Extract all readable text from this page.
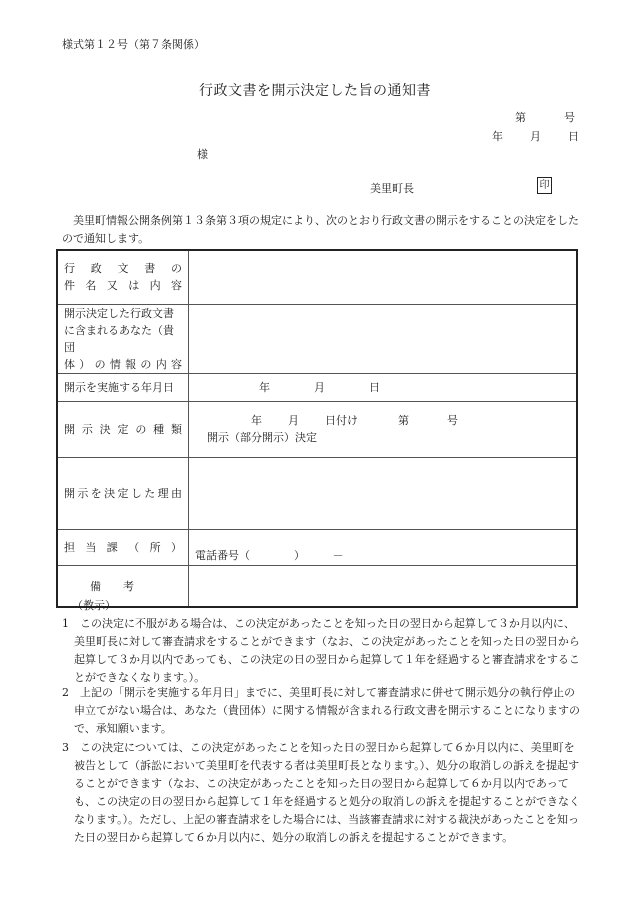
様式第１２号（第７条関係）
行政文書を開示決定した旨の通知書
第	号
年 月 日
様
美里町長	印
美里町情報公開条例第１３条第３項の規定により、次のとおり行政文書の開示をすることの決定をしたので通知します。
行政文書の
件名又は内容	

開示決定した行政文書
に含まれるあなた（貴団
体）の情報の内容	

開示を実施する年月日	年 月 日

開示決定の種類	年 月 日付け 第 号
開示（部分開示）決定

開示を決定した理由	

担当課（所）	電話番号（　　　　）　　　－
備考	
（教示）
1	この決定に不服がある場合は、この決定があったことを知った日の翌日から起算して３か月以内に、美里町長に対して審査請求をすることができます（なお、この決定があったことを知った日の翌日から起算して３か月以内であっても、この決定の日の翌日から起算して１年を経過すると審査請求をすることができなくなります。）。
2	上記の「開示を実施する年月日」までに、美里町長に対して審査請求に併せて開示処分の執行停止の申立てがない場合は、あなた（貴団体）に関する情報が含まれる行政文書を開示することになりますので、承知願います。
3	この決定については、この決定があったことを知った日の翌日から起算して６か月以内に、美里町を被告として（訴訟において美里町を代表する者は美里町長となります。）、処分の取消しの訴えを提起することができます（なお、この決定があったことを知った日の翌日から起算して６か月以内であっても、この決定の日の翌日から起算して１年を経過すると処分の取消しの訴えを提起することができなくなります。）。ただし、上記の審査請求をした場合には、当該審査請求に対する裁決があったことを知った日の翌日から起算して６か月以内に、処分の取消しの訴えを提起することができます。
